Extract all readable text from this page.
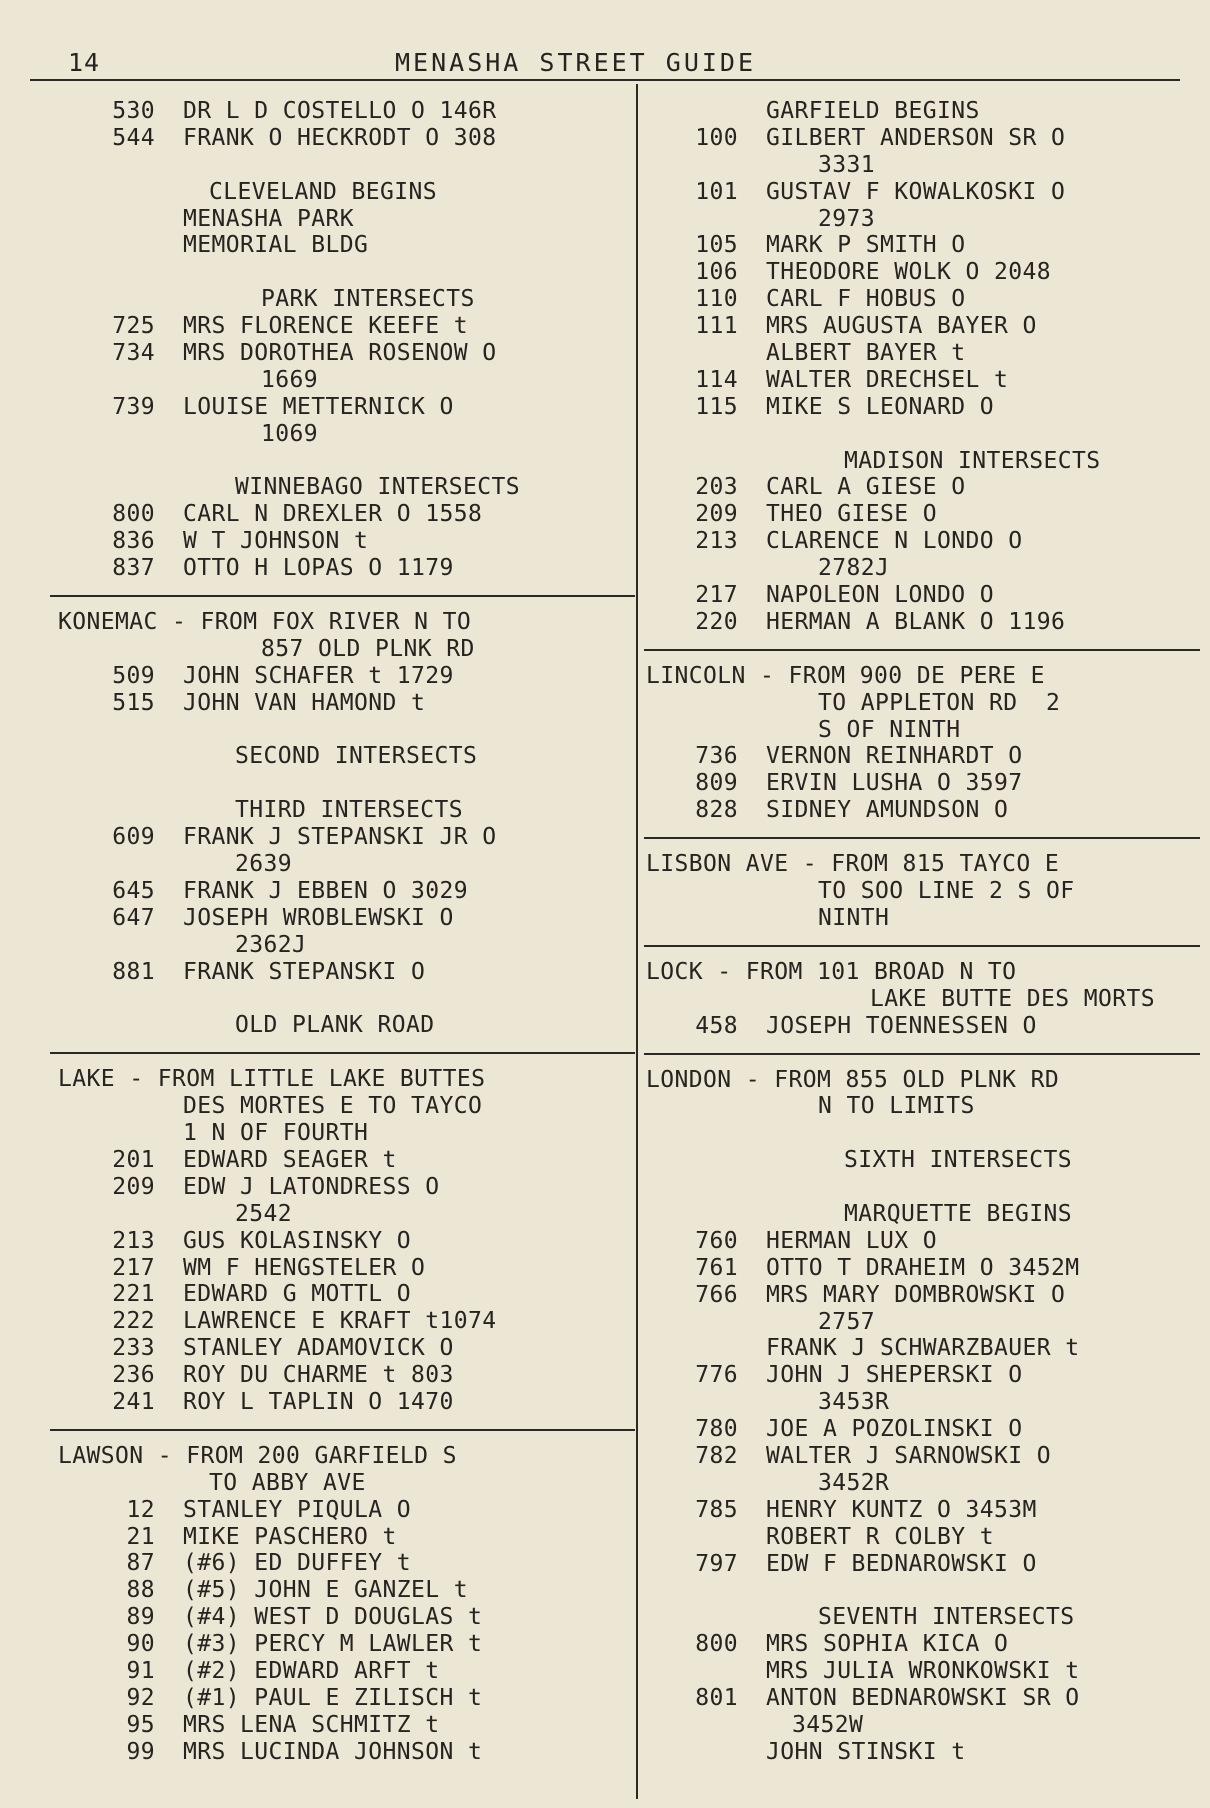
14	MENASHA STREET GUIDE
530 DR L D COSTELLO O 146R
544 FRANK O HECKRODT O 308
CLEVELAND BEGINS
MENASHA PARK
MEMORIAL BLDG
PARK INTERSECTS
725 MRS FLORENCE KEEFE t
734 MRS DOROTHEA ROSENOW O
1669
739 LOUISE METTERNICK O
1069
WINNEBAGO INTERSECTS
800 CARL N DREXLER O 1558
836 W T JOHNSON t
837 OTTO H LOPAS O 1179
KONEMAC - FROM FOX RIVER N TO
857 OLD PLNK RD
509 JOHN SCHAFER t 1729
515 JOHN VAN HAMOND t
SECOND INTERSECTS
THIRD INTERSECTS
609 FRANK J STEPANSKI JR O
2639
645 FRANK J EBBEN O 3029
647 JOSEPH WROBLEWSKI O
2362J
881 FRANK STEPANSKI O
OLD PLANK ROAD
LAKE - FROM LITTLE LAKE BUTTES
DES MORTES E TO TAYCO
1 N OF FOURTH
201 EDWARD SEAGER t
209 EDW J LATONDRESS O
2542
213 GUS KOLASINSKY O
217 WM F HENGSTELER O
221 EDWARD G MOTTL O
222 LAWRENCE E KRAFT t1074
233 STANLEY ADAMOVICK O
236 ROY DU CHARME t 803
241 ROY L TAPLIN O 1470
LAWSON - FROM 200 GARFIELD S
TO ABBY AVE
12 STANLEY PIQULA O
21 MIKE PASCHERO t
87 (#6) ED DUFFEY t
88 (#5) JOHN E GANZEL t
89 (#4) WEST D DOUGLAS t
90 (#3) PERCY M LAWLER t
91 (#2) EDWARD ARFT t
92 (#1) PAUL E ZILISCH t
95 MRS LENA SCHMITZ t
99 MRS LUCINDA JOHNSON t
GARFIELD BEGINS
100 GILBERT ANDERSON SR O
3331
101 GUSTAV F KOWALKOSKI O
2973
105 MARK P SMITH O
106 THEODORE WOLK O 2048
110 CARL F HOBUS O
111 MRS AUGUSTA BAYER O
ALBERT BAYER t
114 WALTER DRECHSEL t
115 MIKE S LEONARD O
MADISON INTERSECTS
203 CARL A GIESE O
209 THEO GIESE O
213 CLARENCE N LONDO O
2782J
217 NAPOLEON LONDO O
220 HERMAN A BLANK O 1196
LINCOLN - FROM 900 DE PERE E
TO APPLETON RD  2
S OF NINTH
736 VERNON REINHARDT O
809 ERVIN LUSHA O 3597
828 SIDNEY AMUNDSON O
LISBON AVE - FROM 815 TAYCO E
TO SOO LINE 2 S OF
NINTH
LOCK - FROM 101 BROAD N TO
LAKE BUTTE DES MORTS
458 JOSEPH TOENNESSEN O
LONDON - FROM 855 OLD PLNK RD
N TO LIMITS
SIXTH INTERSECTS
MARQUETTE BEGINS
760 HERMAN LUX O
761 OTTO T DRAHEIM O 3452M
766 MRS MARY DOMBROWSKI O
2757
FRANK J SCHWARZBAUER t
776 JOHN J SHEPERSKI O
3453R
780 JOE A POZOLINSKI O
782 WALTER J SARNOWSKI O
3452R
785 HENRY KUNTZ O 3453M
ROBERT R COLBY t
797 EDW F BEDNAROWSKI O
SEVENTH INTERSECTS
800 MRS SOPHIA KICA O
MRS JULIA WRONKOWSKI t
801 ANTON BEDNAROWSKI SR O
3452W
JOHN STINSKI t
